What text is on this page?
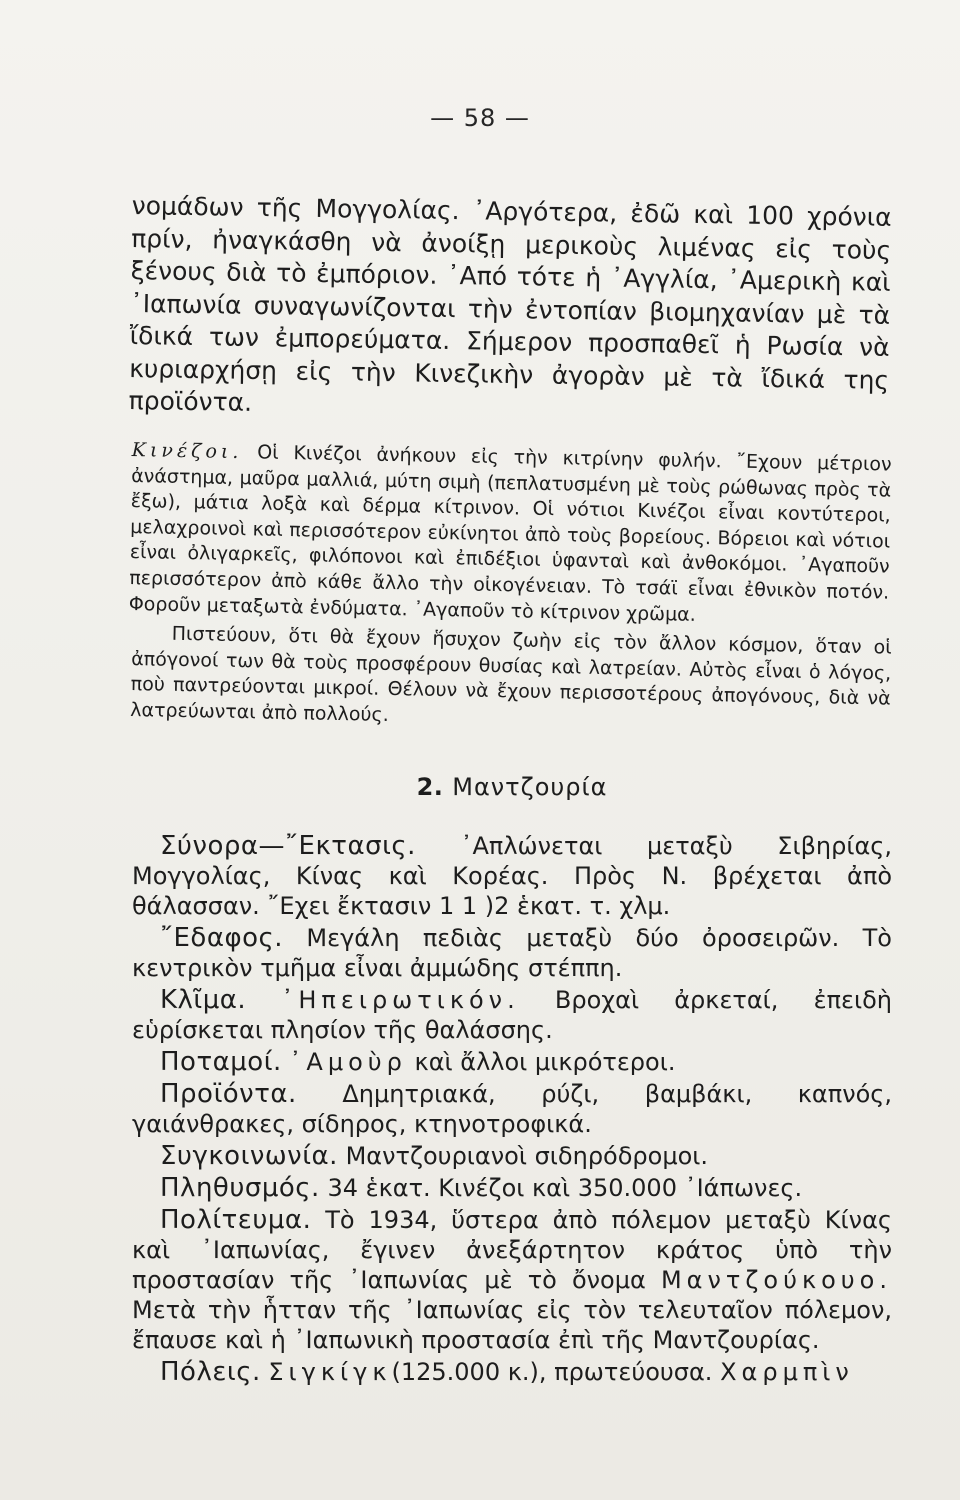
— 58 —

νομάδων τῆς Μογγολίας. ᾿Αργότερα, ἐδῶ καὶ 100 χρόνια πρίν, ἠναγκάσθη νὰ ἀνοίξῃ μερικοὺς λιμένας εἰς τοὺς ξένους διὰ τὸ ἐμπόριον. ᾿Από τότε ἡ ᾿Αγγλία, ᾿Αμερικὴ καὶ ᾿Ιαπωνία συναγωνίζονται τὴν ἐντοπίαν βιομηχανίαν μὲ τὰ ἴδικά των ἐμπορεύματα. Σήμερον προσπαθεῖ ἡ Ρωσία νὰ κυριαρχήσῃ εἰς τὴν Κινεζικὴν ἀγορὰν μὲ τὰ ἴδικά της προϊόντα.

Κινέζοι. Οἱ Κινέζοι ἀνήκουν εἰς τὴν κιτρίνην φυλήν. ῎Εχουν μέτριον ἀνάστημα, μαῦρα μαλλιά, μύτη σιμὴ (πεπλατυσμένη μὲ τοὺς ρώθωνας πρὸς τὰ ἔξω), μάτια λοξὰ καὶ δέρμα κίτρινον. Οἱ νότιοι Κινέζοι εἶναι κοντύτεροι, μελαχροινοὶ καὶ περισσότερον εὐκίνητοι ἀπὸ τοὺς βορείους. Βόρειοι καὶ νότιοι εἶναι ὀλιγαρκεῖς, φιλόπονοι καὶ ἐπιδέξιοι ὑφανταὶ καὶ ἀνθοκόμοι. ᾿Αγαποῦν περισσότερον ἀπὸ κάθε ἄλλο τὴν οἰκογένειαν. Τὸ τσάϊ εἶναι ἐθνικὸν ποτόν. Φοροῦν μεταξωτὰ ἐνδύματα. ᾿Αγαποῦν τὸ κίτρινον χρῶμα.

Πιστεύουν, ὅτι θὰ ἔχουν ἥσυχον ζωὴν εἰς τὸν ἄλλον κόσμον, ὅταν οἱ ἀπόγονοί των θὰ τοὺς προσφέρουν θυσίας καὶ λατρείαν. Αὐτὸς εἶναι ὁ λόγος, ποὺ παντρεύονται μικροί. Θέλουν νὰ ἔχουν περισσοτέρους ἀπογόνους, διὰ νὰ λατρεύωνται ἀπὸ πολλούς.

2. Μαντζουρία

Σύνορα—῎Εκτασις. ᾿Απλώνεται μεταξὺ Σιβηρίας, Μογγολίας, Κίνας καὶ Κορέας. Πρὸς Ν. βρέχεται ἀπὸ θάλασσαν. ῎Εχει ἔκτασιν 1 1 )2 ἑκατ. τ. χλμ.

῎Εδαφος. Μεγάλη πεδιὰς μεταξὺ δύο ὀροσειρῶν. Τὸ κεντρικὸν τμῆμα εἶναι ἀμμώδης στέππη.

Κλῖμα. ᾿Ηπειρωτικόν. Βροχαὶ ἀρκεταί, ἐπειδὴ εὑρίσκεται πλησίον τῆς θαλάσσης.

Ποταμοί. ᾿Αμοὺρ καὶ ἄλλοι μικρότεροι.

Προϊόντα. Δημητριακά, ρύζι, βαμβάκι, καπνός, γαιάνθρακες, σίδηρος, κτηνοτροφικά.

Συγκοινωνία. Μαντζουριανοὶ σιδηρόδρομοι.

Πληθυσμός. 34 ἑκατ. Κινέζοι καὶ 350.000 ᾿Ιάπωνες.

Πολίτευμα. Τὸ 1934, ὕστερα ἀπὸ πόλεμον μεταξὺ Κίνας καὶ ᾿Ιαπωνίας, ἔγινεν ἀνεξάρτητον κράτος ὑπὸ τὴν προστασίαν τῆς ᾿Ιαπωνίας μὲ τὸ ὄνομα Μαντζούκουο. Μετὰ τὴν ἧτταν τῆς ᾿Ιαπωνίας εἰς τὸν τελευταῖον πόλεμον, ἔπαυσε καὶ ἡ ᾿Ιαπωνικὴ προστασία ἐπὶ τῆς Μαντζουρίας.

Πόλεις. Σιγκίγκ(125.000 κ.), πρωτεύουσα. Χαρμπὶν
